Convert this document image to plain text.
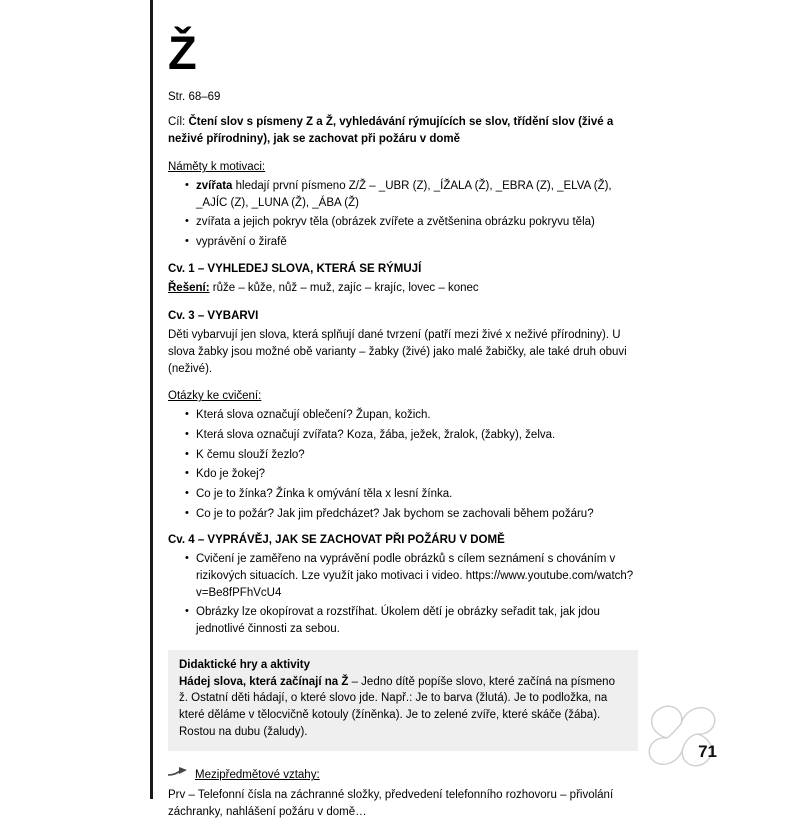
Ž
Str. 68–69
Cíl: Čtení slov s písmeny Z a Ž, vyhledávání rýmujících se slov, třídění slov (živé a neživé přírodniny), jak se zachovat při požáru v domě
Náměty k motivaci:
• zvířata hledají první písmeno Z/Ž – _UBR (Z), _ÍŽALA (Ž), _EBRA (Z), _ELVA (Ž), _AJÍC (Z), _LUNA (Ž), _ÁBA (Ž)
• zvířata a jejich pokryv těla (obrázek zvířete a zvětšenina obrázku pokryvu těla)
• vyprávění o žirafě
Cv. 1 – VYHLEDEJ SLOVA, KTERÁ SE RÝMUJÍ
Řešení: růže – kůže, nůž – muž, zajíc – krajíc, lovec – konec
Cv. 3 – VYBARVI
Děti vybarvují jen slova, která splňují dané tvrzení (patří mezi živé x neživé přírodniny). U slova žabky jsou možné obě varianty – žabky (živé) jako malé žabičky, ale také druh obuvi (neživé).
Otázky ke cvičení:
• Která slova označují oblečení? Župan, kožich.
• Která slova označují zvířata? Koza, žába, ježek, žralok, (žabky), želva.
• K čemu slouží žezlo?
• Kdo je žokej?
• Co je to žínka? Žínka k omývání těla x lesní žínka.
• Co je to požár? Jak jim předcházet? Jak bychom se zachovali během požáru?
Cv. 4 – VYPRÁVĚJ, JAK SE ZACHOVAT PŘI POŽÁRU V DOMĚ
• Cvičení je zaměřeno na vyprávění podle obrázků s cílem seznámení s chováním v rizikových situacích. Lze využít jako motivaci i video. https://www.youtube.com/watch?v=Be8fPFhVcU4
• Obrázky lze okopírovat a rozstříhat. Úkolem dětí je obrázky seřadit tak, jak jdou jednotlivé činnosti za sebou.
Didaktické hry a aktivity
Hádej slova, která začínají na Ž – Jedno dítě popíše slovo, které začíná na písmeno ž. Ostatní děti hádají, o které slovo jde. Např.: Je to barva (žlutá). Je to podložka, na které děláme v tělocvičně kotouly (žíněnka). Je to zelené zvíře, které skáče (žába). Rostou na dubu (žaludy).
Mezipředmětové vztahy:
Prv – Telefonní čísla na záchranné složky, předvedení telefonního rozhovoru – přivolání záchranky, nahlášení požáru v domě…
71
